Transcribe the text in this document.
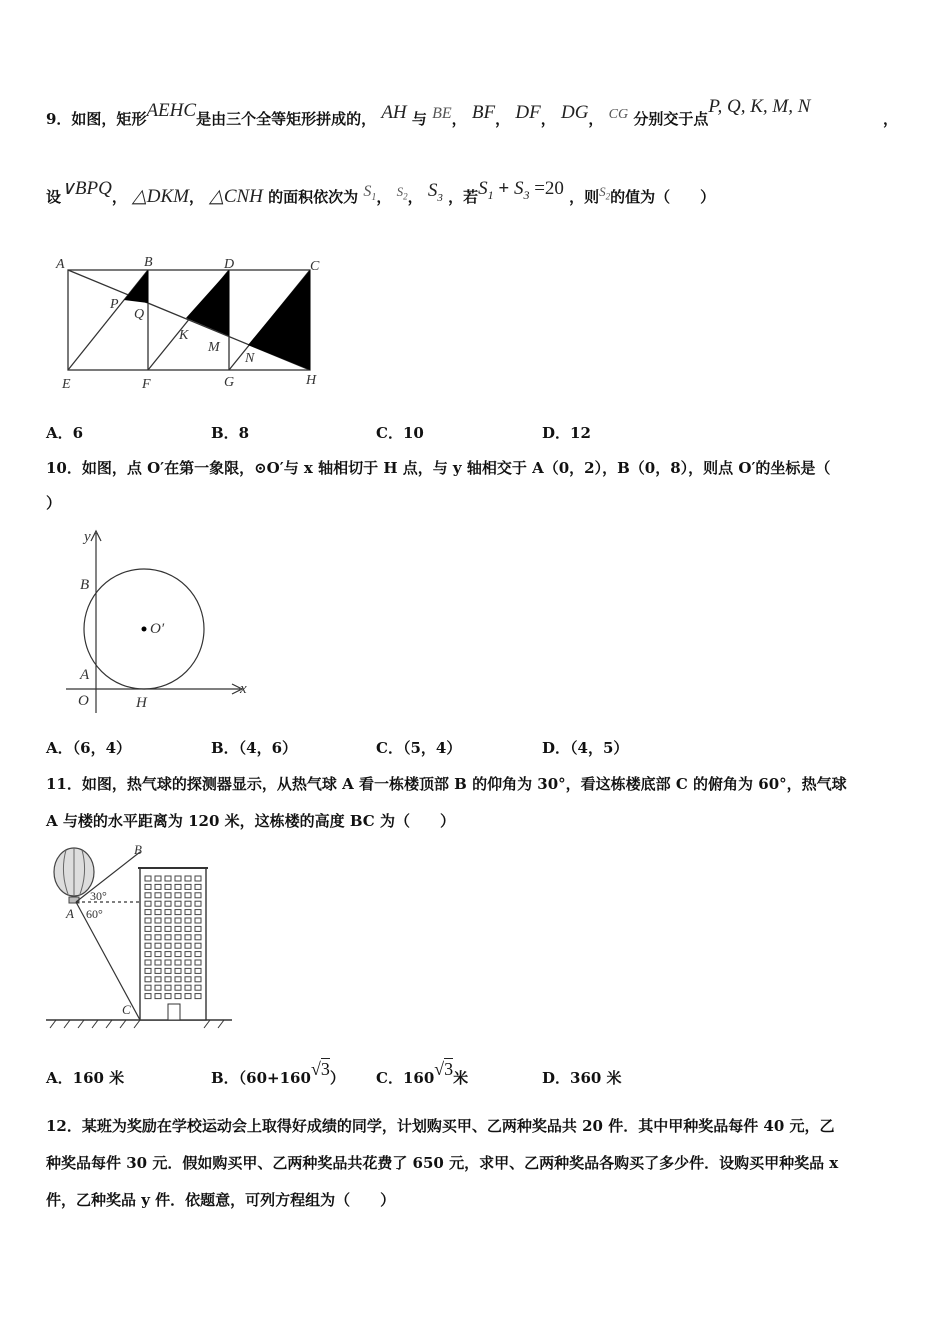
9．如图，矩形AEHC是由三个全等矩形拼成的， AH 与 BE， BF， DF， DG， CG 分别交于点P, Q, K, M, N
，
设∨BPQ， △DKM， △CNH 的面积依次为 $S_1$， $S_2$， $S_3$ ，若$S_1 + S_3 =20$ ，则$S_2$的值为（　　）
A	B	D	C
P
Q
K
M
N
E	F	G	H
A．6	B．8	C．10	D．12
10．如图，点 O′在第一象限，⊙O′与 x 轴相切于 H 点，与 y 轴相交于 A（0，2），B（0，8），则点 O′的坐标是（
）
y
x
B
A
O	H
O′
A．（6，4）	B．（4，6）	C．（5，4）	D．（4，5）
11．如图，热气球的探测器显示，从热气球 A 看一栋楼顶部 B 的仰角为 30°，看这栋楼底部 C 的俯角为 60°，热气球
A 与楼的水平距离为 120 米，这栋楼的高度 BC 为（　　）
B
A
C
30°
60°
A．160 米	B．（60+160√3） C．160√3米	D．360 米
12．某班为奖励在学校运动会上取得好成绩的同学，计划购买甲、乙两种奖品共 20 件．其中甲种奖品每件 40 元，乙
种奖品每件 30 元．假如购买甲、乙两种奖品共花费了 650 元，求甲、乙两种奖品各购买了多少件．设购买甲种奖品 x
件，乙种奖品 y 件．依题意，可列方程组为（　　）
